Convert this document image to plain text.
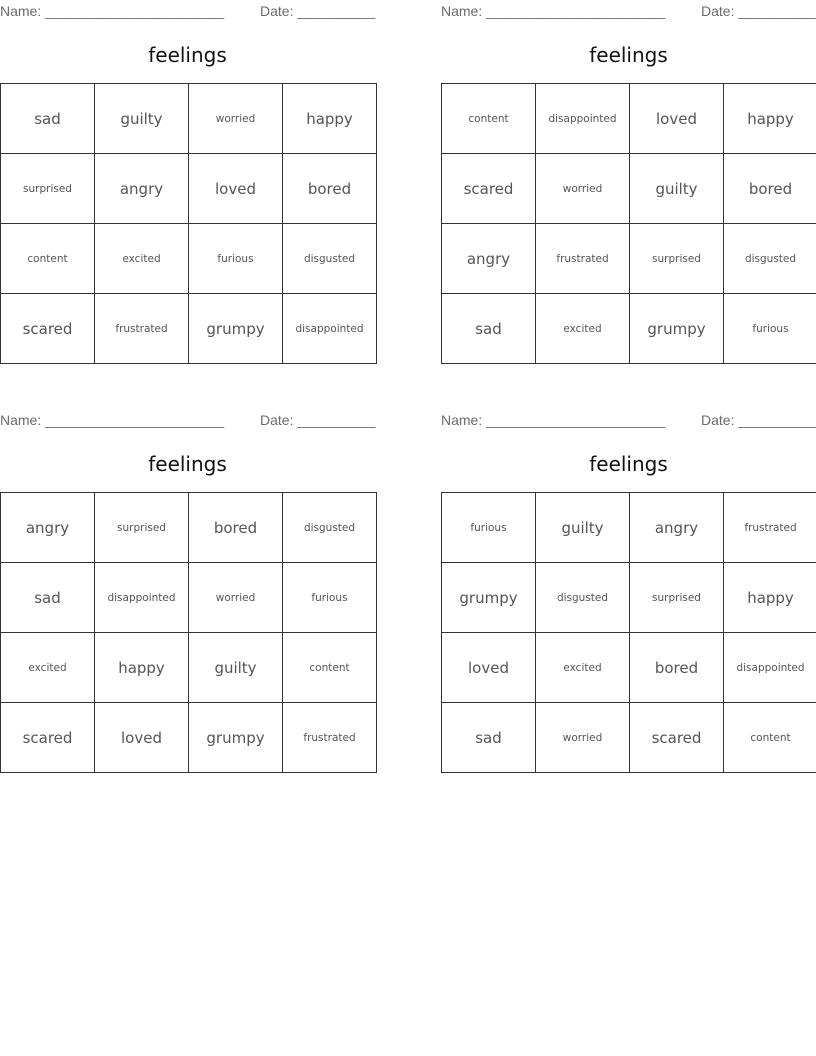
Name: _______________________	Date: __________
feelings
sad	guilty	worried	happy
surprised	angry	loved	bored
content	excited	furious	disgusted
scared	frustrated	grumpy	disappointed
Name: _______________________	Date: __________
feelings
content	disappointed	loved	happy
scared	worried	guilty	bored
angry	frustrated	surprised	disgusted
sad	excited	grumpy	furious
Name: _______________________	Date: __________
feelings
angry	surprised	bored	disgusted
sad	disappointed	worried	furious
excited	happy	guilty	content
scared	loved	grumpy	frustrated
Name: _______________________	Date: __________
feelings
furious	guilty	angry	frustrated
grumpy	disgusted	surprised	happy
loved	excited	bored	disappointed
sad	worried	scared	content
